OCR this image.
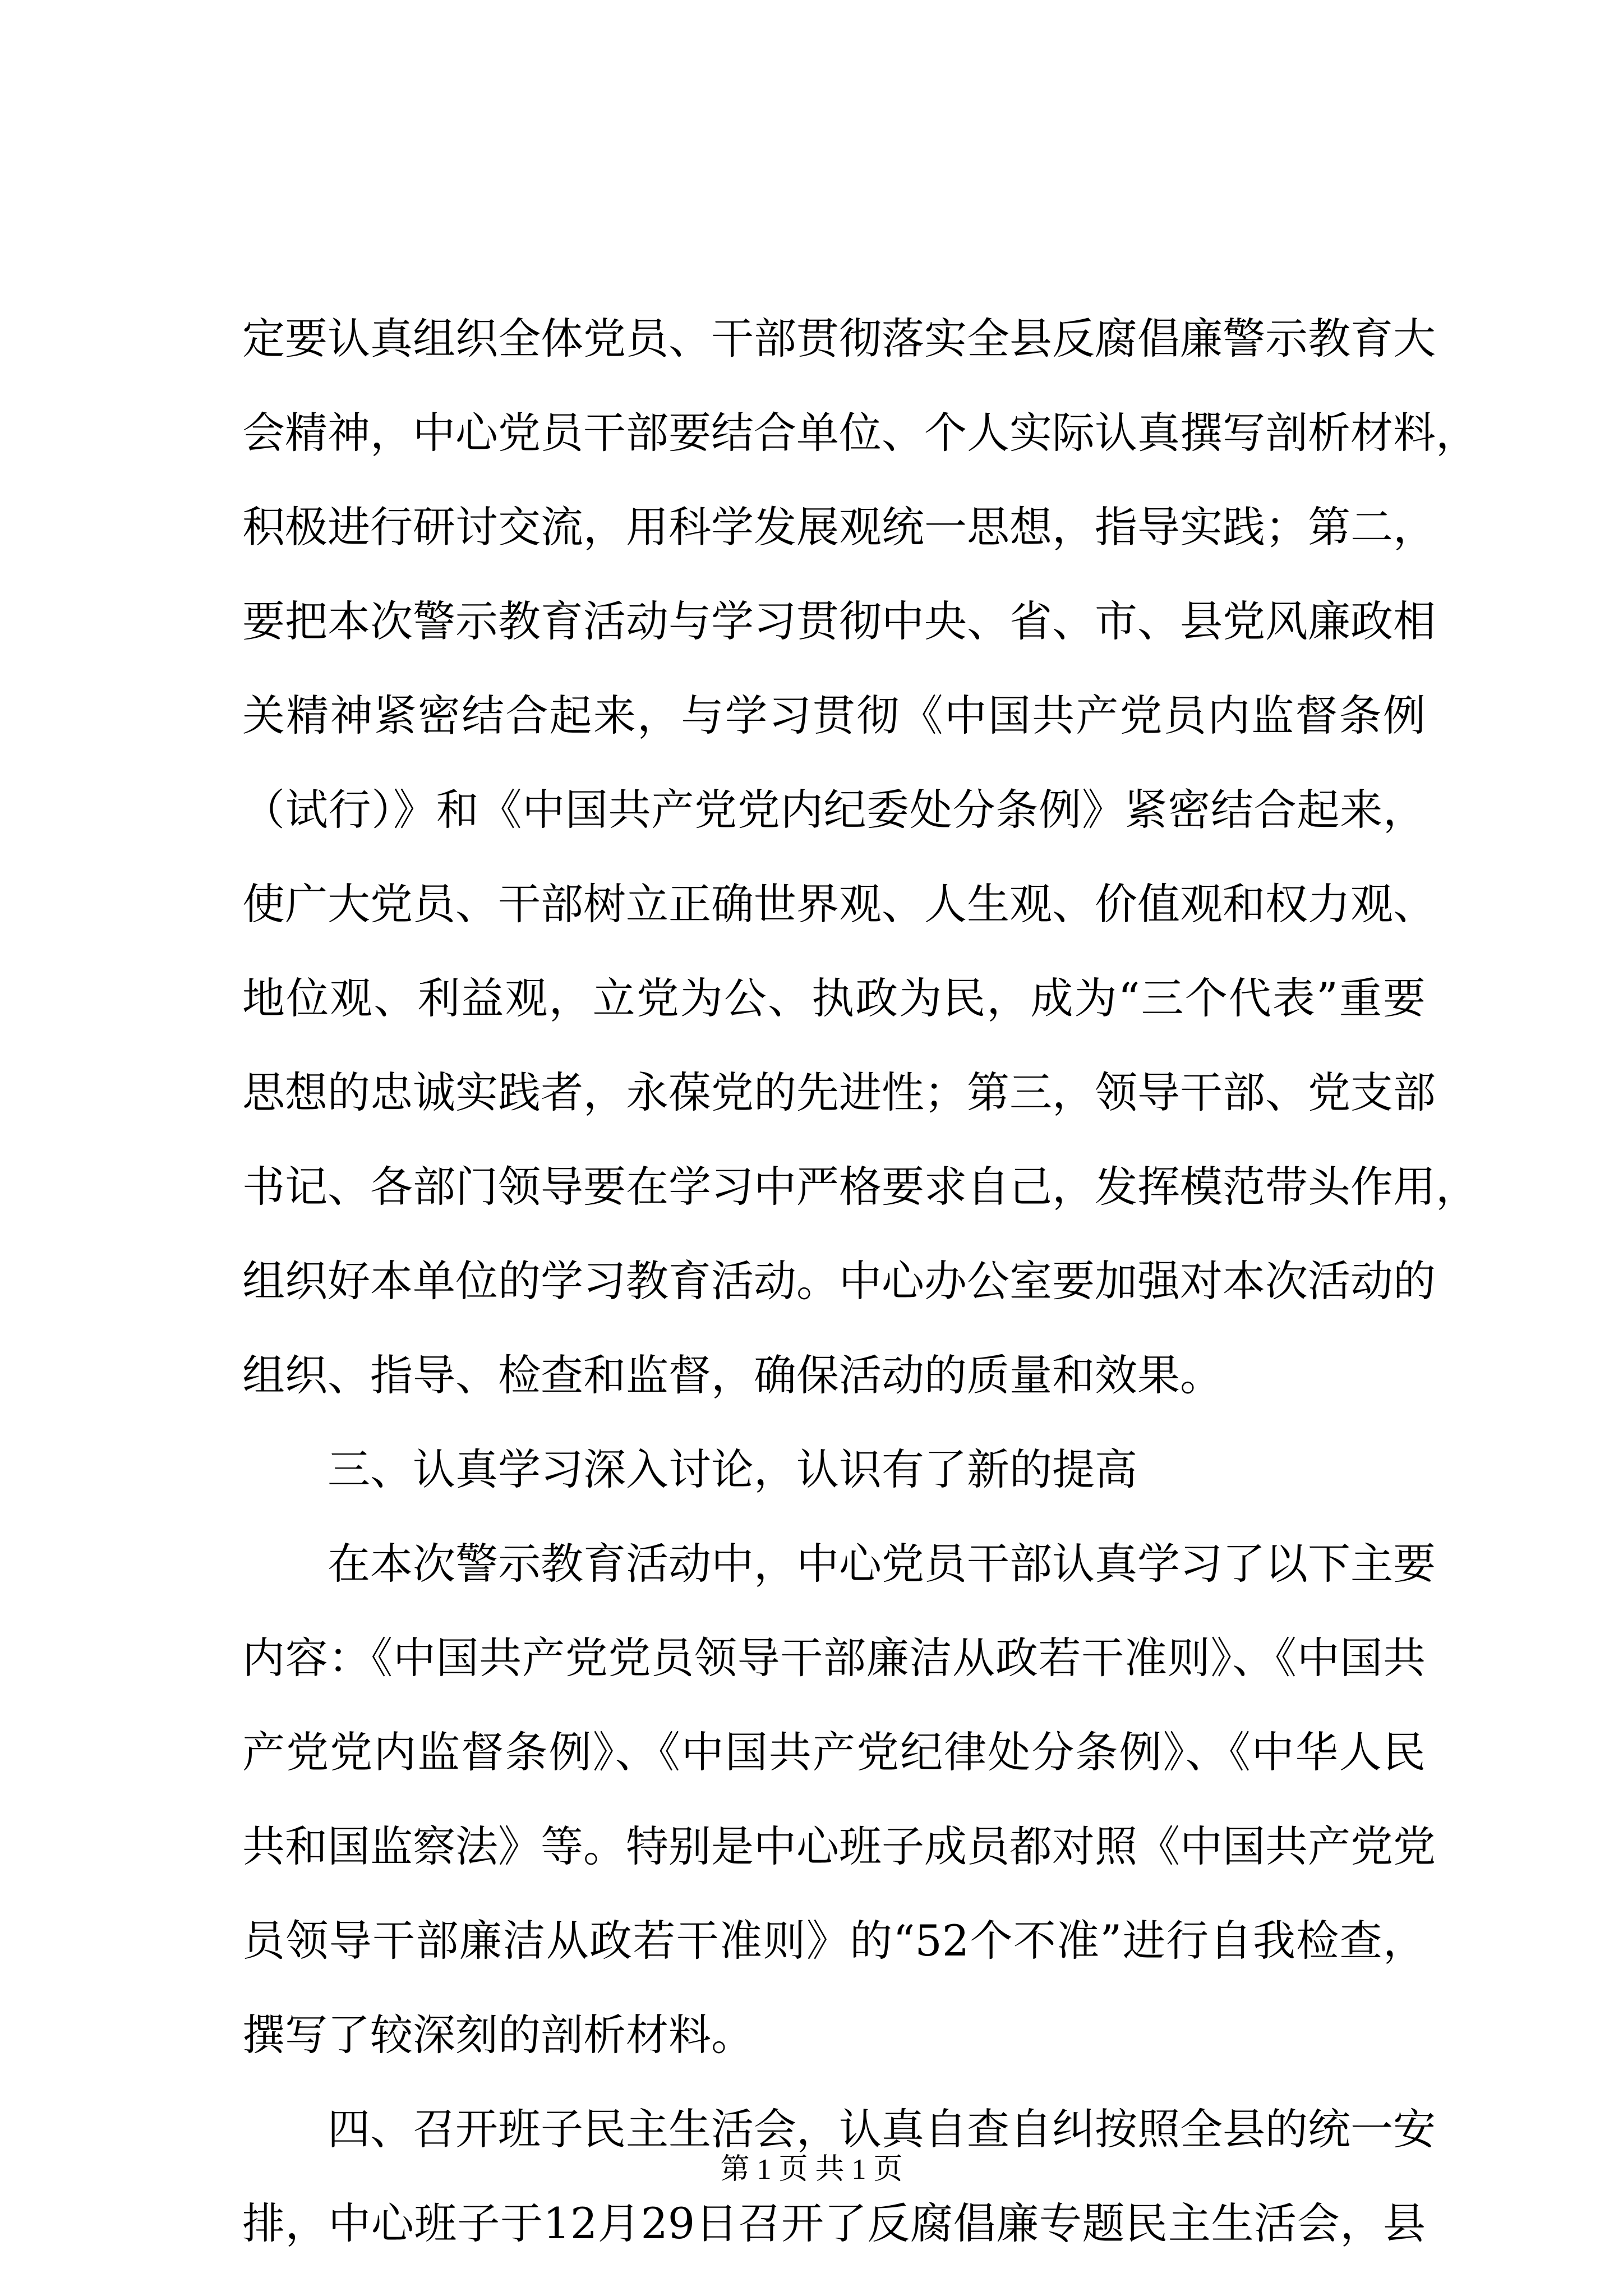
定要认真组织全体党员、干部贯彻落实全县反腐倡廉警示教育大
会精神，中心党员干部要结合单位、个人实际认真撰写剖析材料，
积极进行研讨交流，用科学发展观统一思想，指导实践；第二，
要把本次警示教育活动与学习贯彻中央、省、市、县党风廉政相
关精神紧密结合起来，与学习贯彻《中国共产党员内监督条例
（试行）》和《中国共产党党内纪委处分条例》紧密结合起来，
使广大党员、干部树立正确世界观、人生观、价值观和权力观、
地位观、利益观，立党为公、执政为民，成为“三个代表”重要
思想的忠诚实践者，永葆党的先进性；第三，领导干部、党支部
书记、各部门领导要在学习中严格要求自己，发挥模范带头作用，
组织好本单位的学习教育活动。中心办公室要加强对本次活动的
组织、指导、检查和监督，确保活动的质量和效果。
三、认真学习深入讨论，认识有了新的提高
在本次警示教育活动中，中心党员干部认真学习了以下主要
内容：《中国共产党党员领导干部廉洁从政若干准则》、《中国共
产党党内监督条例》、《中国共产党纪律处分条例》、《中华人民
共和国监察法》等。特别是中心班子成员都对照《中国共产党党
员领导干部廉洁从政若干准则》的“52个不准”进行自我检查，
撰写了较深刻的剖析材料。
四、召开班子民主生活会，认真自查自纠按照全县的统一安
排，中心班子于12月29日召开了反腐倡廉专题民主生活会，县
第 1 页 共 1 页
